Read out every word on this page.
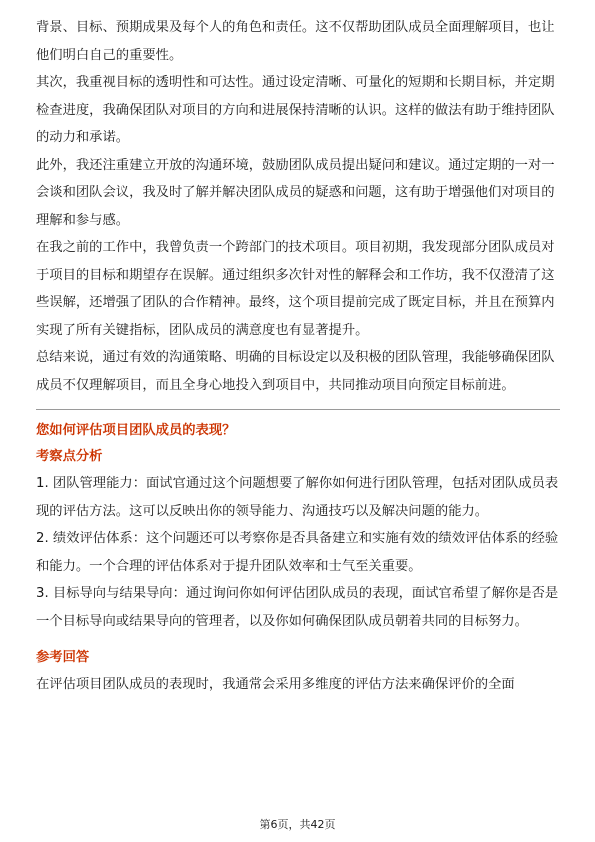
背景、目标、预期成果及每个人的角色和责任。这不仅帮助团队成员全面理解项目，也让他们明白自己的重要性。

其次，我重视目标的透明性和可达性。通过设定清晰、可量化的短期和长期目标，并定期检查进度，我确保团队对项目的方向和进展保持清晰的认识。这样的做法有助于维持团队的动力和承诺。

此外，我还注重建立开放的沟通环境，鼓励团队成员提出疑问和建议。通过定期的一对一会谈和团队会议，我及时了解并解决团队成员的疑惑和问题，这有助于增强他们对项目的理解和参与感。

在我之前的工作中，我曾负责一个跨部门的技术项目。项目初期，我发现部分团队成员对于项目的目标和期望存在误解。通过组织多次针对性的解释会和工作坊，我不仅澄清了这些误解，还增强了团队的合作精神。最终，这个项目提前完成了既定目标，并且在预算内实现了所有关键指标，团队成员的满意度也有显著提升。

总结来说，通过有效的沟通策略、明确的目标设定以及积极的团队管理，我能够确保团队成员不仅理解项目，而且全身心地投入到项目中，共同推动项目向预定目标前进。

您如何评估项目团队成员的表现？

考察点分析

1. 团队管理能力：面试官通过这个问题想要了解你如何进行团队管理，包括对团队成员表现的评估方法。这可以反映出你的领导能力、沟通技巧以及解决问题的能力。

2. 绩效评估体系：这个问题还可以考察你是否具备建立和实施有效的绩效评估体系的经验和能力。一个合理的评估体系对于提升团队效率和士气至关重要。

3. 目标导向与结果导向：通过询问你如何评估团队成员的表现，面试官希望了解你是否是一个目标导向或结果导向的管理者，以及你如何确保团队成员朝着共同的目标努力。

参考回答

在评估项目团队成员的表现时，我通常会采用多维度的评估方法来确保评价的全面

第6页，共42页
